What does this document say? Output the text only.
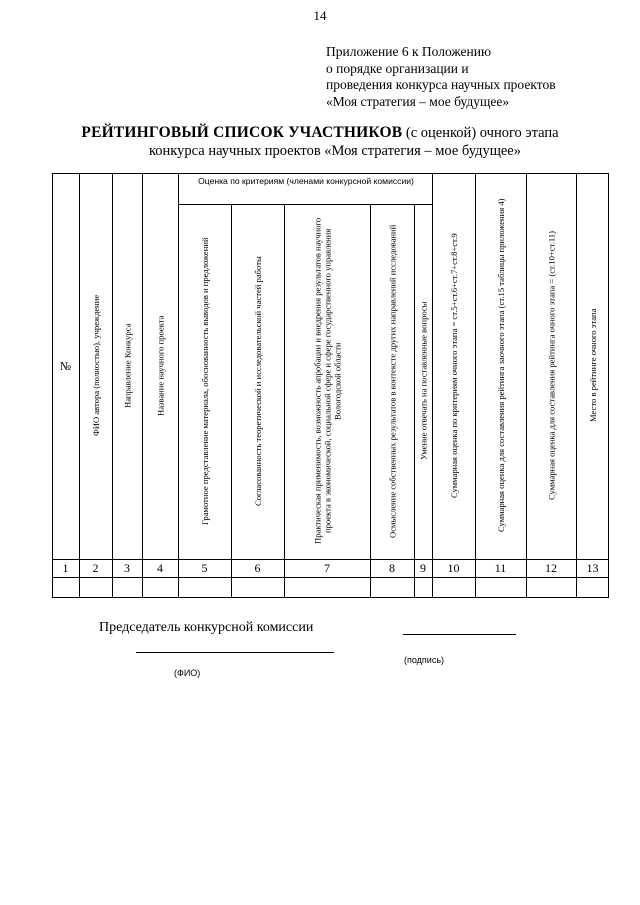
14
Приложение 6 к Положению
о порядке организации и
проведения конкурса научных проектов
«Моя стратегия – мое будущее»
РЕЙТИНГОВЫЙ СПИСОК УЧАСТНИКОВ (с оценкой) очного этапа
конкурса научных проектов «Моя стратегия – мое будущее»
Оценка по критериям (членами конкурсной комиссии)
№
1
ФИО автора (полностью), учреждение
2
Направление Конкурса
3
Название научного проекта
4
Грамотное представление материала, обоснованность выводов и предложений
5
Согласованность теоретической и исследовательской частей работы
6
Практическая применимость, возможность апробации и внедрения результатов научного проекта в экономической, социальной сфере и сфере государственного управления Вологодской области
7
Осмысление собственных результатов в контексте других направлений исследований
8
Умение отвечать на поставленные вопросы
9
Суммарная оценка по критериям очного этапа = ст.5+ст.6+ст.7+ст.8+ст.9
10
Суммарная оценка для составления рейтинга заочного этапа (ст.15 таблицы приложения 4)
11
Суммарная оценка для составления рейтинга очного этапа = (ст.10+ст.11)
12
Место в рейтинге очного этапа
13
Председатель конкурсной комиссии
(ФИО)
(подпись)
